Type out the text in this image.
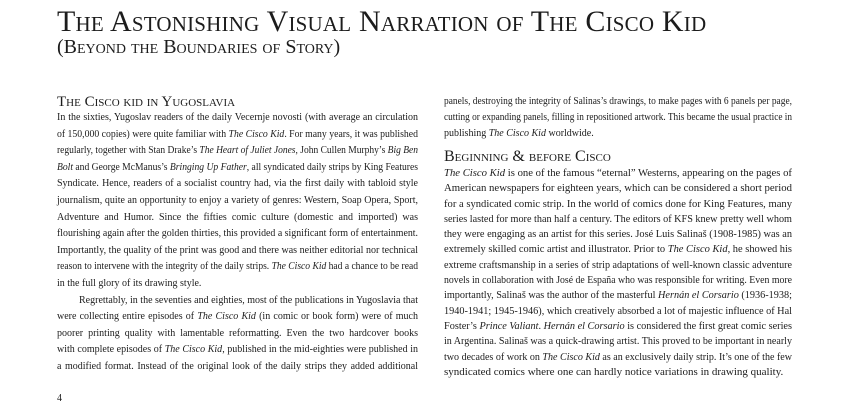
The Astonishing Visual Narration of The Cisco Kid
(Beyond the Boundaries of Story)
The Cisco kid in Yugoslavia
In the sixties, Yugoslav readers of the daily Vecernje novosti (with average an circulation
of 150,000 copies) were quite familiar with The Cisco Kid. For many years, it was published
regularly, together with Stan Drake’s The Heart of Juliet Jones, John Cullen Murphy’s Big Ben
Bolt and George McManus’s Bringing Up Father, all syndicated daily strips by King Features
Syndicate. Hence, readers of a socialist country had, via the first daily with tabloid style
journalism, quite an opportunity to enjoy a variety of genres: Western, Soap Opera, Sport,
Adventure and Humor. Since the fifties comic culture (domestic and imported) was
flourishing again after the golden thirties, this provided a significant form of entertainment.
Importantly, the quality of the print was good and there was neither editorial nor technical
reason to intervene with the integrity of the daily strips. The Cisco Kid had a chance to be read
in the full glory of its drawing style.
Regrettably, in the seventies and eighties, most of the publications in Yugoslavia that
were collecting entire episodes of The Cisco Kid (in comic or book form) were of much
poorer printing quality with lamentable reformatting. Even the two hardcover books
with complete episodes of The Cisco Kid, published in the mid-eighties were published in
a modified format. Instead of the original look of the daily strips they added additional
panels, destroying the integrity of Salinas’s drawings, to make pages with 6 panels per page,
cutting or expanding panels, filling in repositioned artwork. This became the usual practice in
publishing The Cisco Kid worldwide.
Beginning & before Cisco
The Cisco Kid is one of the famous “eternal” Westerns, appearing on the pages of
American newspapers for eighteen years, which can be considered a short period
for a syndicated comic strip. In the world of comics done for King Features, many
series lasted for more than half a century. The editors of KFS knew pretty well whom
they were engaging as an artist for this series. José Luis Salinaš (1908-1985) was an
extremely skilled comic artist and illustrator. Prior to The Cisco Kid, he showed his
extreme craftsmanship in a series of strip adaptations of well-known classic adventure
novels in collaboration with José de España who was responsible for writing. Even more
importantly, Salinaš was the author of the masterful Hernán el Corsario (1936-1938;
1940-1941; 1945-1946), which creatively absorbed a lot of majestic influence of Hal
Foster’s Prince Valiant. Hernán el Corsario is considered the first great comic series
in Argentina. Salinaš was a quick-drawing artist. This proved to be important in nearly
two decades of work on The Cisco Kid as an exclusively daily strip. It’s one of the few
syndicated comics where one can hardly notice variations in drawing quality.
4
